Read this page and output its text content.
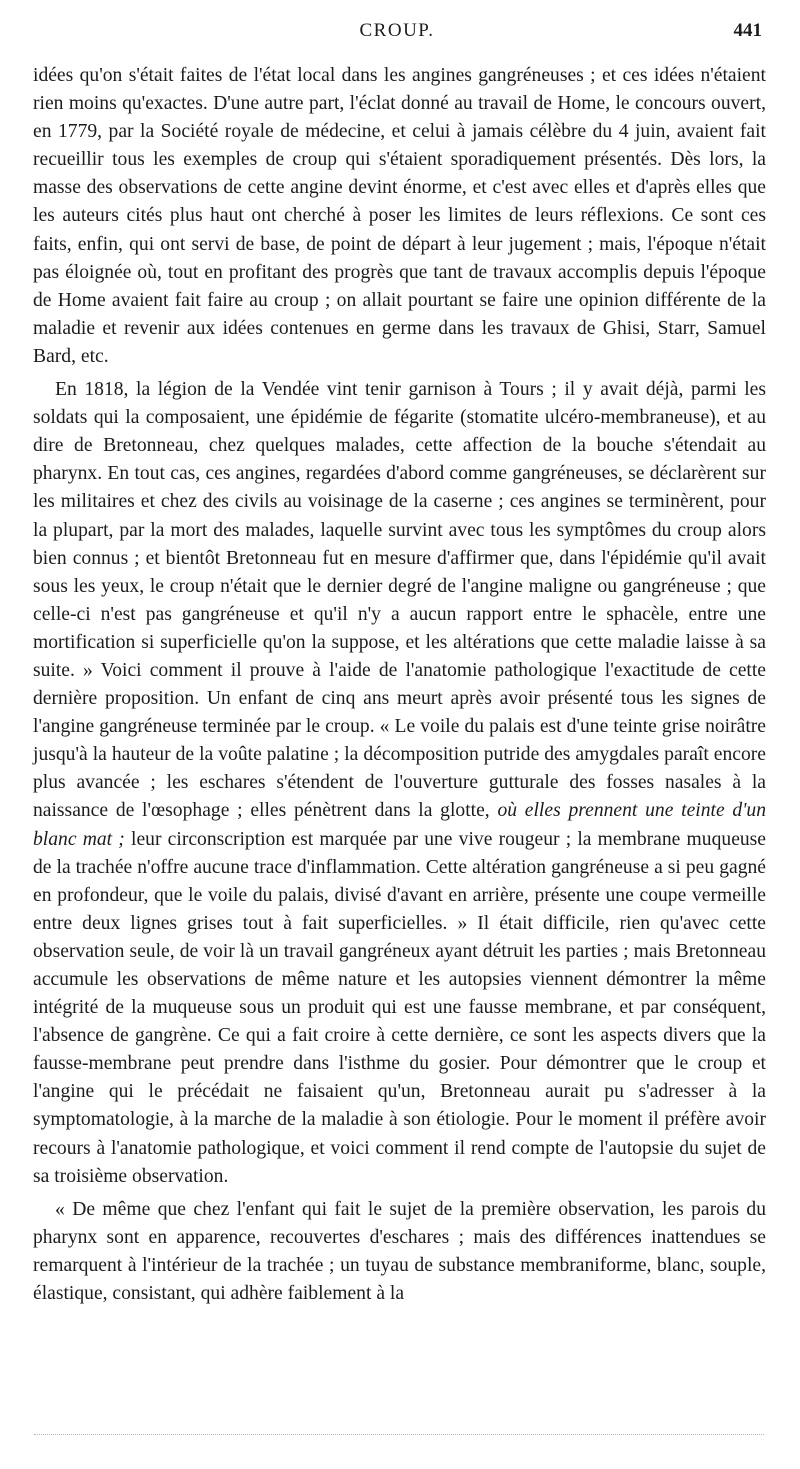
CROUP.	441

idées qu'on s'était faites de l'état local dans les angines gangréneuses ; et ces idées n'étaient rien moins qu'exactes. D'une autre part, l'éclat donné au travail de Home, le concours ouvert, en 1779, par la Société royale de médecine, et celui à jamais célèbre du 4 juin, avaient fait recueillir tous les exemples de croup qui s'étaient sporadiquement présentés. Dès lors, la masse des observations de cette angine devint énorme, et c'est avec elles et d'après elles que les auteurs cités plus haut ont cherché à poser les limites de leurs réflexions. Ce sont ces faits, enfin, qui ont servi de base, de point de départ à leur jugement ; mais, l'époque n'était pas éloignée où, tout en profitant des progrès que tant de travaux accomplis depuis l'époque de Home avaient fait faire au croup ; on allait pourtant se faire une opinion différente de la maladie et revenir aux idées contenues en germe dans les travaux de Ghisi, Starr, Samuel Bard, etc.

En 1818, la légion de la Vendée vint tenir garnison à Tours ; il y avait déjà, parmi les soldats qui la composaient, une épidémie de fégarite (stomatite ulcéro-membraneuse), et au dire de Bretonneau, chez quelques malades, cette affection de la bouche s'étendait au pharynx. En tout cas, ces angines, regardées d'abord comme gangréneuses, se déclarèrent sur les militaires et chez des civils au voisinage de la caserne ; ces angines se terminèrent, pour la plupart, par la mort des malades, laquelle survint avec tous les symptômes du croup alors bien connus ; et bientôt Bretonneau fut en mesure d'affirmer que, dans l'épidémie qu'il avait sous les yeux, le croup n'était que le dernier degré de l'angine maligne ou gangréneuse ; que celle-ci n'est pas gangréneuse et qu'il n'y a aucun rapport entre le sphacèle, entre une mortification si superficielle qu'on la suppose, et les altérations que cette maladie laisse à sa suite. » Voici comment il prouve à l'aide de l'anatomie pathologique l'exactitude de cette dernière proposition. Un enfant de cinq ans meurt après avoir présenté tous les signes de l'angine gangréneuse terminée par le croup. « Le voile du palais est d'une teinte grise noirâtre jusqu'à la hauteur de la voûte palatine ; la décomposition putride des amygdales paraît encore plus avancée ; les eschares s'étendent de l'ouverture gutturale des fosses nasales à la naissance de l'œsophage ; elles pénètrent dans la glotte, où elles prennent une teinte d'un blanc mat ; leur circonscription est marquée par une vive rougeur ; la membrane muqueuse de la trachée n'offre aucune trace d'inflammation. Cette altération gangréneuse a si peu gagné en profondeur, que le voile du palais, divisé d'avant en arrière, présente une coupe vermeille entre deux lignes grises tout à fait superficielles. » Il était difficile, rien qu'avec cette observation seule, de voir là un travail gangréneux ayant détruit les parties ; mais Bretonneau accumule les observations de même nature et les autopsies viennent démontrer la même intégrité de la muqueuse sous un produit qui est une fausse membrane, et par conséquent, l'absence de gangrène. Ce qui a fait croire à cette dernière, ce sont les aspects divers que la fausse-membrane peut prendre dans l'isthme du gosier. Pour démontrer que le croup et l'angine qui le précédait ne faisaient qu'un, Bretonneau aurait pu s'adresser à la symptomatologie, à la marche de la maladie à son étiologie. Pour le moment il préfère avoir recours à l'anatomie pathologique, et voici comment il rend compte de l'autopsie du sujet de sa troisième observation.

« De même que chez l'enfant qui fait le sujet de la première observation, les parois du pharynx sont en apparence, recouvertes d'eschares ; mais des différences inattendues se remarquent à l'intérieur de la trachée ; un tuyau de substance membraniforme, blanc, souple, élastique, consistant, qui adhère faiblement à la
